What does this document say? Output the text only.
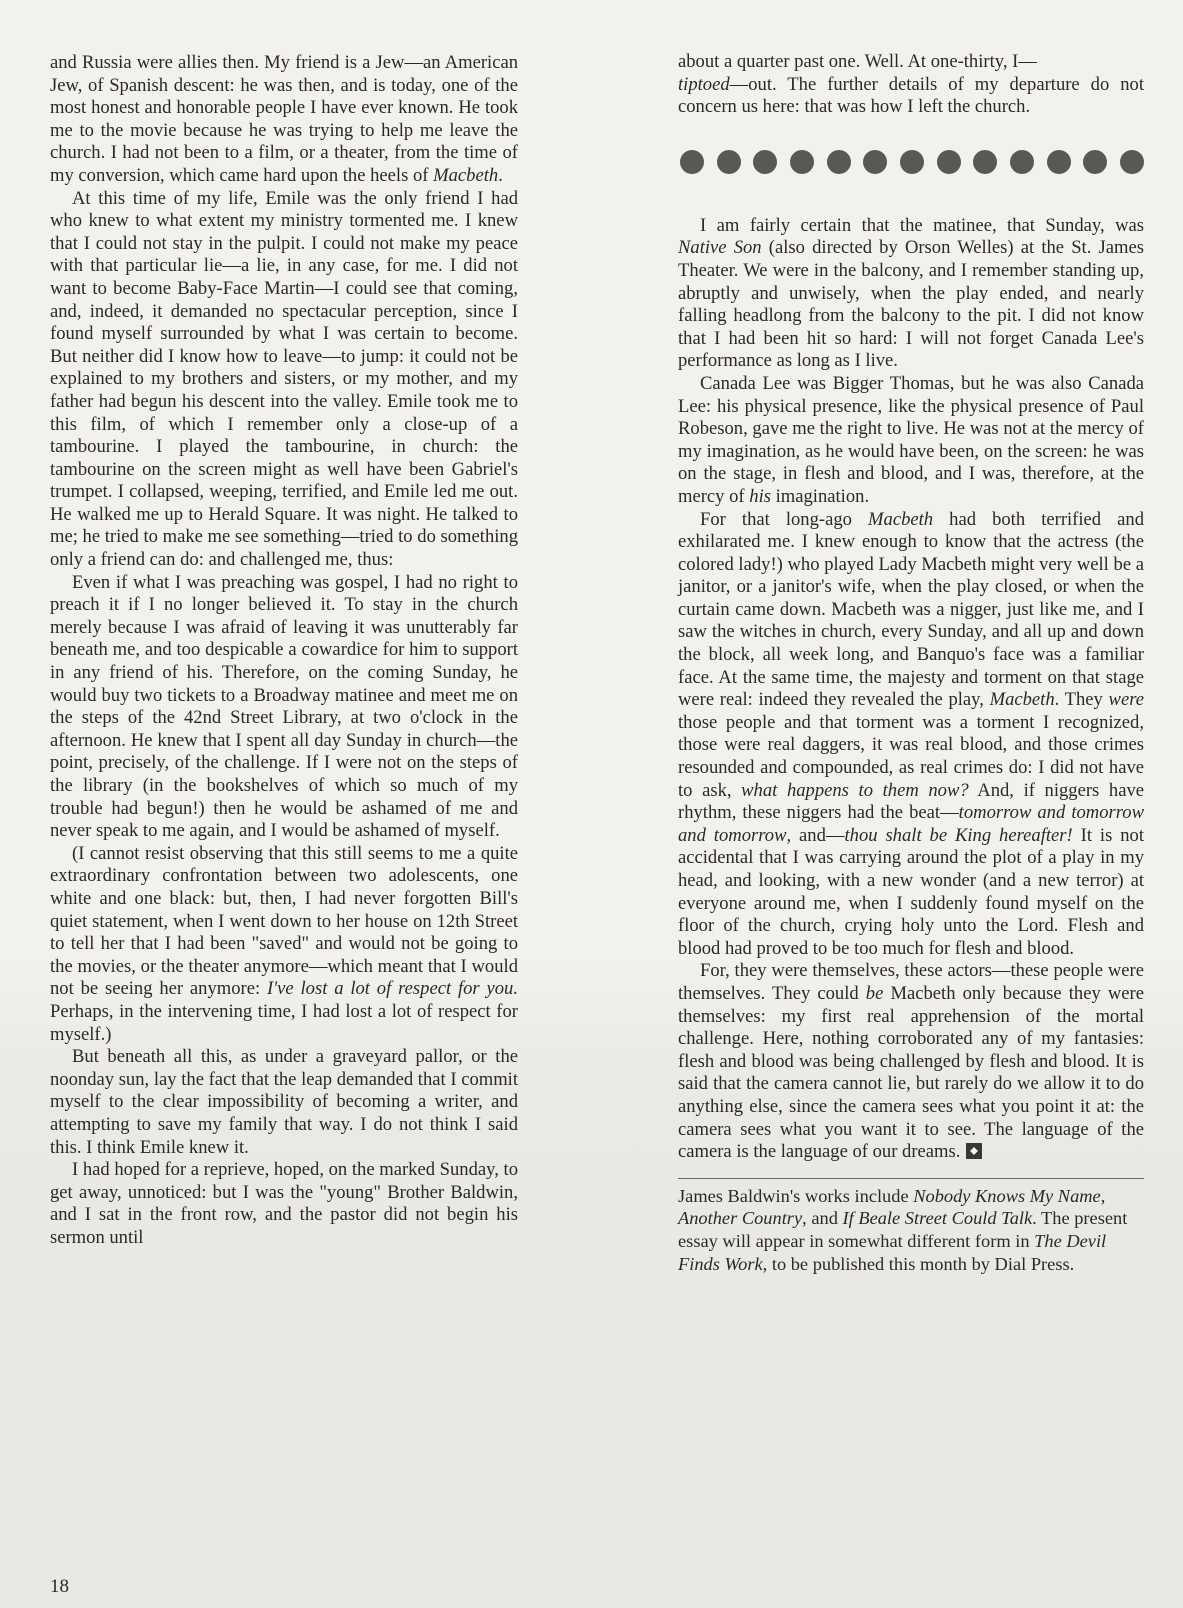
and Russia were allies then. My friend is a Jew—an American Jew, of Spanish descent: he was then, and is today, one of the most honest and honorable people I have ever known. He took me to the movie because he was trying to help me leave the church. I had not been to a film, or a theater, from the time of my conversion, which came hard upon the heels of Macbeth.

At this time of my life, Emile was the only friend I had who knew to what extent my ministry tormented me. I knew that I could not stay in the pulpit. I could not make my peace with that particular lie—a lie, in any case, for me. I did not want to become Baby-Face Martin—I could see that coming, and, indeed, it demanded no spectacular perception, since I found myself surrounded by what I was certain to become. But neither did I know how to leave—to jump: it could not be explained to my brothers and sisters, or my mother, and my father had begun his descent into the valley. Emile took me to this film, of which I remember only a close-up of a tambourine. I played the tambourine, in church: the tambourine on the screen might as well have been Gabriel's trumpet. I collapsed, weeping, terrified, and Emile led me out. He walked me up to Herald Square. It was night. He talked to me; he tried to make me see something—tried to do something only a friend can do: and challenged me, thus:

Even if what I was preaching was gospel, I had no right to preach it if I no longer believed it. To stay in the church merely because I was afraid of leaving it was unutterably far beneath me, and too despicable a cowardice for him to support in any friend of his. Therefore, on the coming Sunday, he would buy two tickets to a Broadway matinee and meet me on the steps of the 42nd Street Library, at two o'clock in the afternoon. He knew that I spent all day Sunday in church—the point, precisely, of the challenge. If I were not on the steps of the library (in the bookshelves of which so much of my trouble had begun!) then he would be ashamed of me and never speak to me again, and I would be ashamed of myself.

(I cannot resist observing that this still seems to me a quite extraordinary confrontation between two adolescents, one white and one black: but, then, I had never forgotten Bill's quiet statement, when I went down to her house on 12th Street to tell her that I had been "saved" and would not be going to the movies, or the theater anymore—which meant that I would not be seeing her anymore: I've lost a lot of respect for you. Perhaps, in the intervening time, I had lost a lot of respect for myself.)

But beneath all this, as under a graveyard pallor, or the noonday sun, lay the fact that the leap demanded that I commit myself to the clear impossibility of becoming a writer, and attempting to save my family that way. I do not think I said this. I think Emile knew it.

I had hoped for a reprieve, hoped, on the marked Sunday, to get away, unnoticed: but I was the "young" Brother Baldwin, and I sat in the front row, and the pastor did not begin his sermon until

about a quarter past one. Well. At one-thirty, I—
tiptoed—out. The further details of my departure do not concern us here: that was how I left the church.

I am fairly certain that the matinee, that Sunday, was Native Son (also directed by Orson Welles) at the St. James Theater. We were in the balcony, and I remember standing up, abruptly and unwisely, when the play ended, and nearly falling headlong from the balcony to the pit. I did not know that I had been hit so hard: I will not forget Canada Lee's performance as long as I live.

Canada Lee was Bigger Thomas, but he was also Canada Lee: his physical presence, like the physical presence of Paul Robeson, gave me the right to live. He was not at the mercy of my imagination, as he would have been, on the screen: he was on the stage, in flesh and blood, and I was, therefore, at the mercy of his imagination.

For that long-ago Macbeth had both terrified and exhilarated me. I knew enough to know that the actress (the colored lady!) who played Lady Macbeth might very well be a janitor, or a janitor's wife, when the play closed, or when the curtain came down. Macbeth was a nigger, just like me, and I saw the witches in church, every Sunday, and all up and down the block, all week long, and Banquo's face was a familiar face. At the same time, the majesty and torment on that stage were real: indeed they revealed the play, Macbeth. They were those people and that torment was a torment I recognized, those were real daggers, it was real blood, and those crimes resounded and compounded, as real crimes do: I did not have to ask, what happens to them now? And, if niggers have rhythm, these niggers had the beat—tomorrow and tomorrow and tomorrow, and—thou shalt be King hereafter! It is not accidental that I was carrying around the plot of a play in my head, and looking, with a new wonder (and a new terror) at everyone around me, when I suddenly found myself on the floor of the church, crying holy unto the Lord. Flesh and blood had proved to be too much for flesh and blood.

For, they were themselves, these actors—these people were themselves. They could be Macbeth only because they were themselves: my first real apprehension of the mortal challenge. Here, nothing corroborated any of my fantasies: flesh and blood was being challenged by flesh and blood. It is said that the camera cannot lie, but rarely do we allow it to do anything else, since the camera sees what you point it at: the camera sees what you want it to see. The language of the camera is the language of our dreams.

James Baldwin's works include Nobody Knows My Name, Another Country, and If Beale Street Could Talk. The present essay will appear in somewhat different form in The Devil Finds Work, to be published this month by Dial Press.

18
